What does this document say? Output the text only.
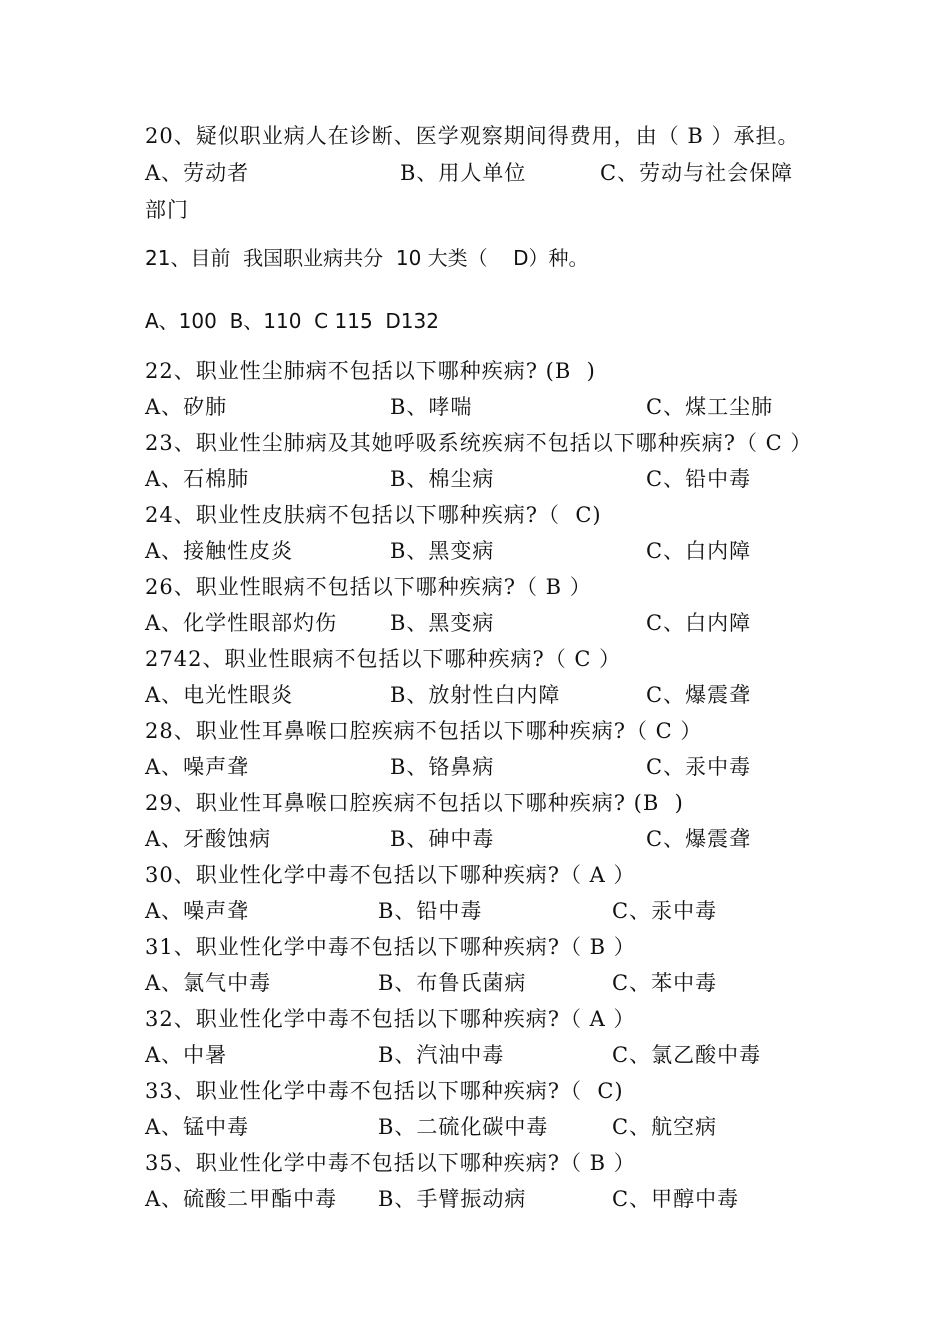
20、疑似职业病人在诊断、医学观察期间得费用，由（ B ）承担。
A、劳动者	B、用人单位	C、劳动与社会保障
部门
21、目前  我国职业病共分  10 大类（    D）种。
A、100  B、110  C 115  D132
22、职业性尘肺病不包括以下哪种疾病? (B  )
A、矽肺	B、哮喘	C、煤工尘肺
23、职业性尘肺病及其她呼吸系统疾病不包括以下哪种疾病?（ C ）
A、石棉肺	B、棉尘病	C、铅中毒
24、职业性皮肤病不包括以下哪种疾病?（  C)
A、接触性皮炎	B、黑变病	C、白内障
26、职业性眼病不包括以下哪种疾病?（ B ）
A、化学性眼部灼伤	B、黑变病	C、白内障
2742、职业性眼病不包括以下哪种疾病?（ C ）
A、电光性眼炎	B、放射性白内障	C、爆震聋
28、职业性耳鼻喉口腔疾病不包括以下哪种疾病?（ C ）
A、噪声聋	B、铬鼻病	C、汞中毒
29、职业性耳鼻喉口腔疾病不包括以下哪种疾病? (B  )
A、牙酸蚀病	B、砷中毒	C、爆震聋
30、职业性化学中毒不包括以下哪种疾病?（ A ）
A、噪声聋	B、铅中毒	C、汞中毒
31、职业性化学中毒不包括以下哪种疾病?（ B ）
A、氯气中毒	B、布鲁氏菌病	C、苯中毒
32、职业性化学中毒不包括以下哪种疾病?（ A ）
A、中暑	B、汽油中毒	C、氯乙酸中毒
33、职业性化学中毒不包括以下哪种疾病?（  C)
A、锰中毒	B、二硫化碳中毒	C、航空病
35、职业性化学中毒不包括以下哪种疾病?（ B ）
A、硫酸二甲酯中毒 B、手臂振动病	C、甲醇中毒
